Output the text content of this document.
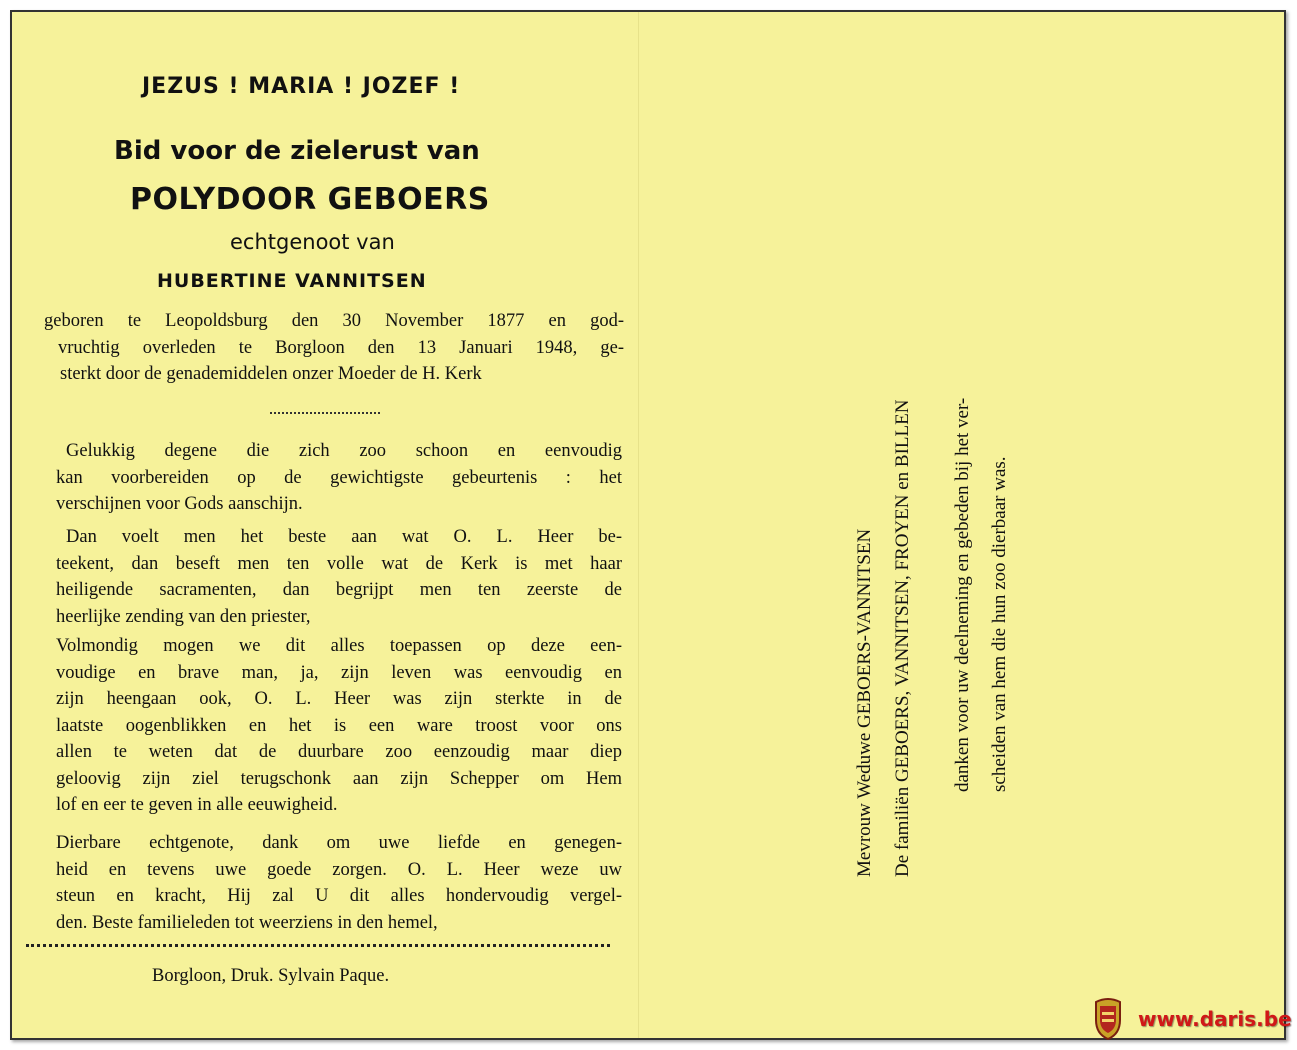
JEZUS ! MARIA ! JOZEF !
Bid voor de zielerust van
POLYDOOR GEBOERS
echtgenoot van
HUBERTINE VANNITSEN
geboren te Leopoldsburg den 30 November 1877 en god-
vruchtig overleden te Borgloon den 13 Januari 1948, ge-
sterkt door de genademiddelen onzer Moeder de H. Kerk
Gelukkig degene die zich zoo schoon en eenvoudig
kan voorbereiden op de gewichtigste gebeurtenis : het
verschijnen voor Gods aanschijn.
Dan voelt men het beste aan wat O. L. Heer be-
teekent, dan beseft men ten volle wat de Kerk is met haar
heiligende sacramenten, dan begrijpt men ten zeerste de
heerlijke zending van den priester,
Volmondig mogen we dit alles toepassen op deze een-
voudige en brave man, ja, zijn leven was eenvoudig en
zijn heengaan ook, O. L. Heer was zijn sterkte in de
laatste oogenblikken en het is een ware troost voor ons
allen te weten dat de duurbare zoo eenzoudig maar diep
geloovig zijn ziel terugschonk aan zijn Schepper om Hem
lof en eer te geven in alle eeuwigheid.
Dierbare echtgenote, dank om uwe liefde en genegen-
heid en tevens uwe goede zorgen. O. L. Heer weze uw
steun en kracht, Hij zal U dit alles hondervoudig vergel-
den. Beste familieleden tot weerziens in den hemel,
Borgloon, Druk. Sylvain Paque.
Mevrouw Weduwe GEBOERS-VANNITSEN De familiën GEBOERS, VANNITSEN, FROYEN en BILLEN danken voor uw deelneming en gebeden bij het ver- scheiden van hem die hun zoo dierbaar was.
www.daris.be
